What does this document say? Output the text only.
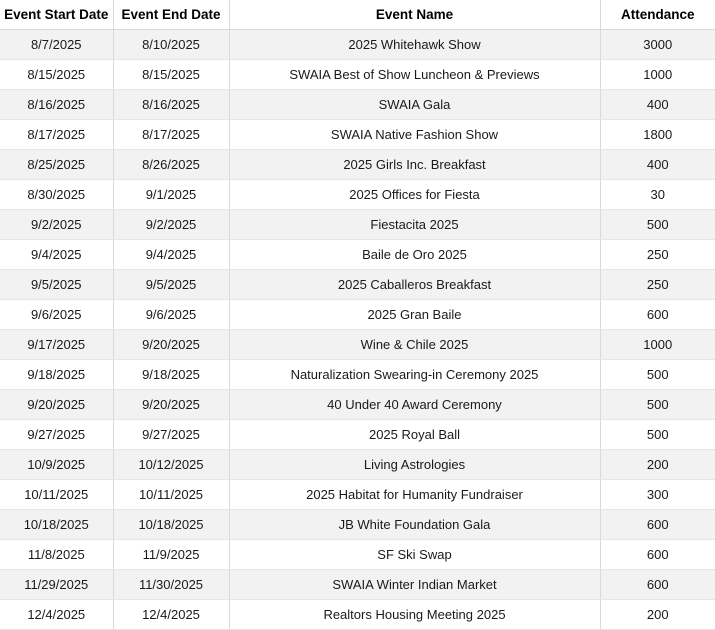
Event Start Date	Event End Date	Event Name	Attendance
8/7/2025	8/10/2025	2025 Whitehawk Show	3000
8/15/2025	8/15/2025	SWAIA Best of Show Luncheon & Previews	1000
8/16/2025	8/16/2025	SWAIA Gala	400
8/17/2025	8/17/2025	SWAIA Native Fashion Show	1800
8/25/2025	8/26/2025	2025 Girls Inc. Breakfast	400
8/30/2025	9/1/2025	2025 Offices for Fiesta	30
9/2/2025	9/2/2025	Fiestacita 2025	500
9/4/2025	9/4/2025	Baile de Oro 2025	250
9/5/2025	9/5/2025	2025 Caballeros Breakfast	250
9/6/2025	9/6/2025	2025 Gran Baile	600
9/17/2025	9/20/2025	Wine & Chile 2025	1000
9/18/2025	9/18/2025	Naturalization Swearing-in Ceremony 2025	500
9/20/2025	9/20/2025	40 Under 40 Award Ceremony	500
9/27/2025	9/27/2025	2025 Royal Ball	500
10/9/2025	10/12/2025	Living Astrologies	200
10/11/2025	10/11/2025	2025 Habitat for Humanity Fundraiser	300
10/18/2025	10/18/2025	JB White Foundation Gala	600
11/8/2025	11/9/2025	SF Ski Swap	600
11/29/2025	11/30/2025	SWAIA Winter Indian Market	600
12/4/2025	12/4/2025	Realtors Housing Meeting 2025	200
